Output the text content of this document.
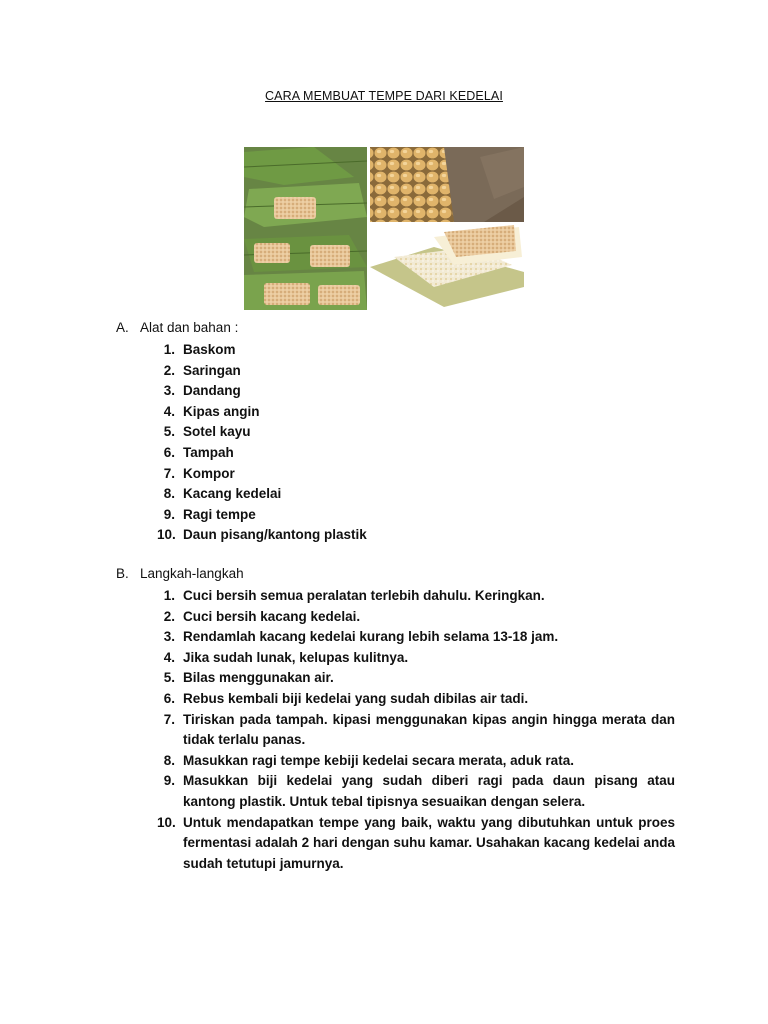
CARA MEMBUAT TEMPE DARI KEDELAI
A. Alat dan bahan :
1. Baskom
2. Saringan
3. Dandang
4. Kipas angin
5. Sotel kayu
6. Tampah
7. Kompor
8. Kacang kedelai
9. Ragi tempe
10. Daun pisang/kantong plastik
B. Langkah-langkah
1. Cuci bersih semua peralatan terlebih dahulu. Keringkan.
2. Cuci bersih kacang kedelai.
3. Rendamlah kacang kedelai kurang lebih selama 13-18 jam.
4. Jika sudah lunak, kelupas kulitnya.
5. Bilas menggunakan air.
6. Rebus kembali biji kedelai yang sudah dibilas air tadi.
7. Tiriskan pada tampah. kipasi menggunakan kipas angin hingga merata dan tidak terlalu panas.
8. Masukkan ragi tempe kebiji kedelai secara merata, aduk rata.
9. Masukkan biji kedelai yang sudah diberi ragi pada daun pisang atau kantong plastik. Untuk tebal tipisnya sesuaikan dengan selera.
10. Untuk mendapatkan tempe yang baik, waktu yang dibutuhkan untuk proes fermentasi adalah 2 hari dengan suhu kamar. Usahakan kacang kedelai anda sudah tetutupi jamurnya.
